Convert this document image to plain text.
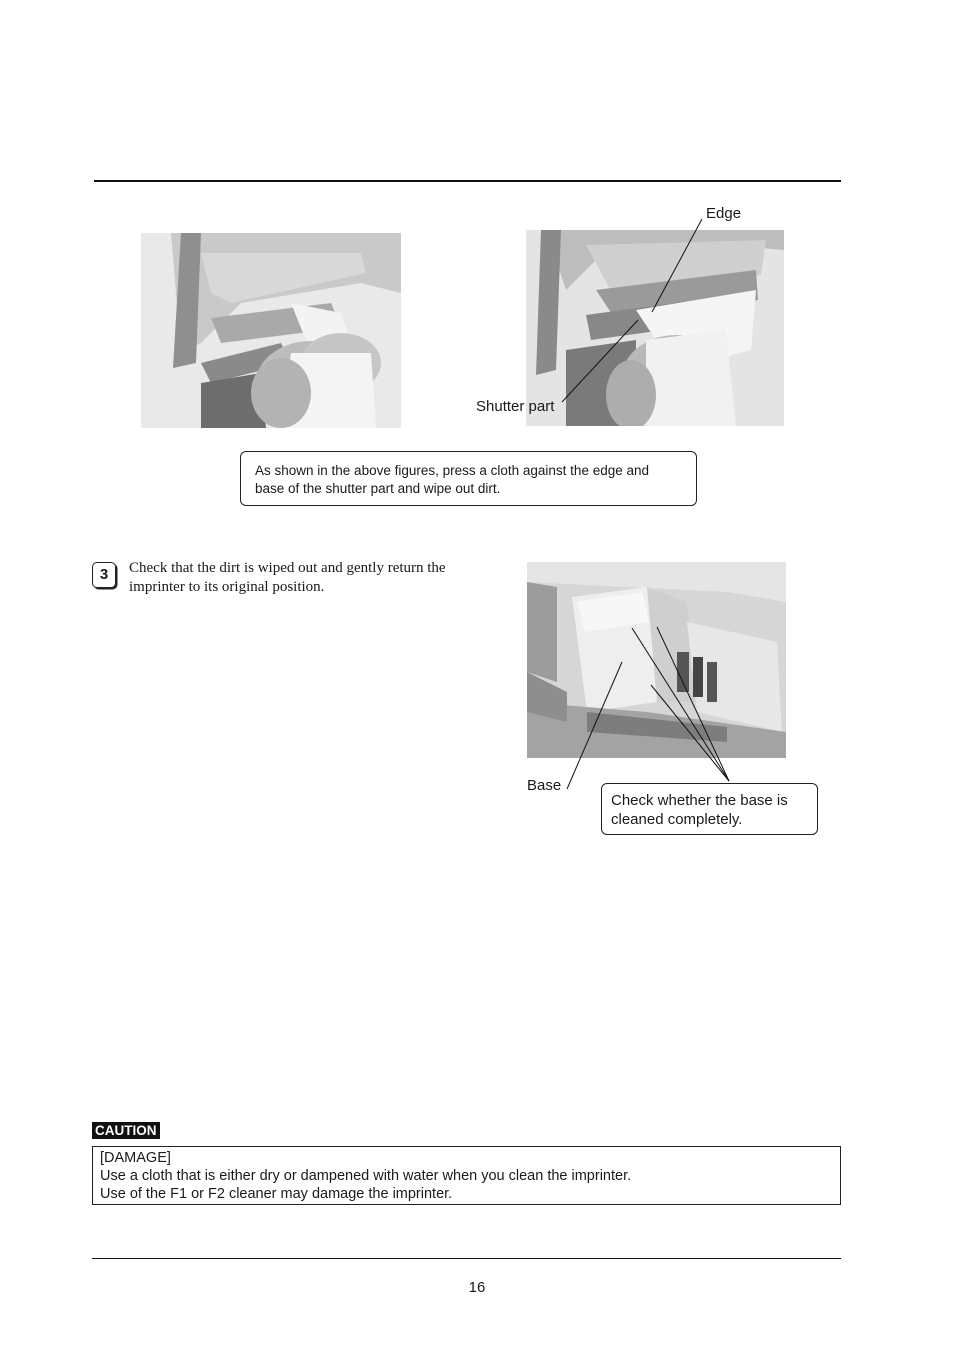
Edge
Shutter part
As shown in the above figures, press a cloth against the edge and base of the shutter part and wipe out dirt.
3	Check that the dirt is wiped out and gently return the imprinter to its original position.
Base
Check whether the base is cleaned completely.
CAUTION
[DAMAGE]
Use a cloth that is either dry or dampened with water when you clean the imprinter.
Use of the F1 or F2 cleaner may damage the imprinter.
16
